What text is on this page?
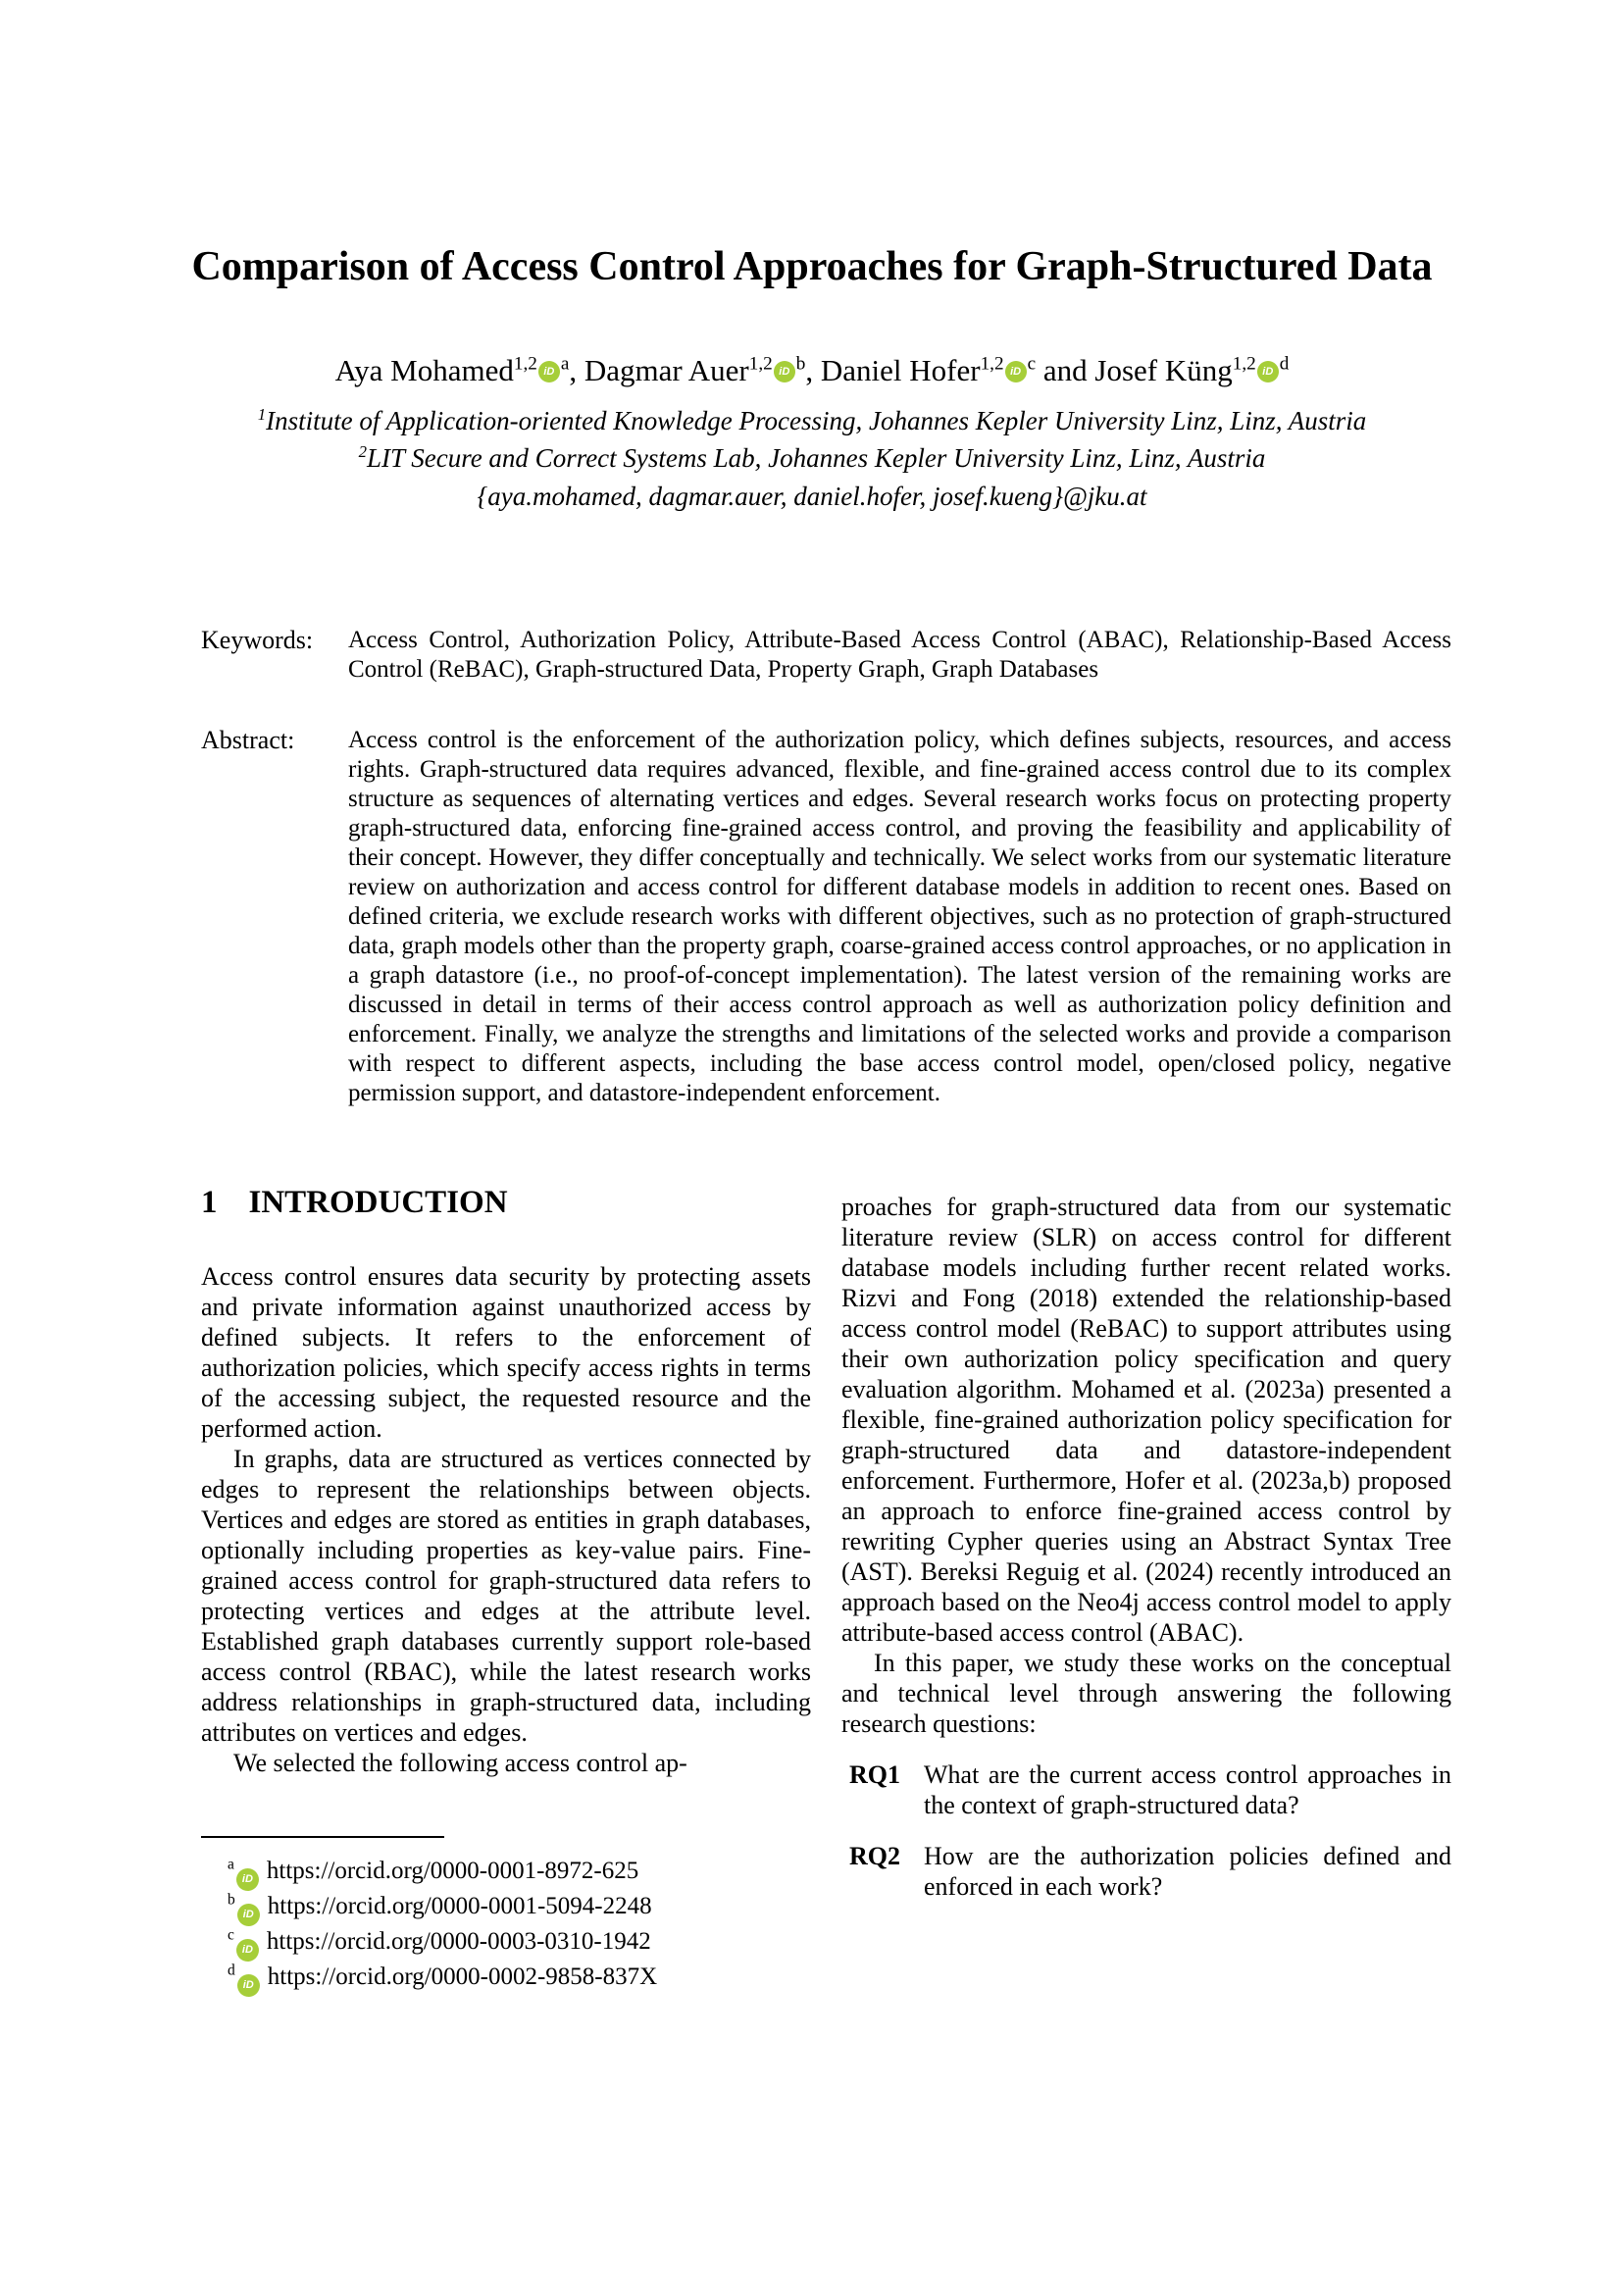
Comparison of Access Control Approaches for Graph-Structured Data
Aya Mohamed$^{1,2}$ iD $^a$, Dagmar Auer$^{1,2}$ iD $^b$, Daniel Hofer$^{1,2}$ iD $^c$ and Josef Küng$^{1,2}$ iD $^d$
$^1$Institute of Application-oriented Knowledge Processing, Johannes Kepler University Linz, Linz, Austria
$^2$LIT Secure and Correct Systems Lab, Johannes Kepler University Linz, Linz, Austria
{aya.mohamed, dagmar.auer, daniel.hofer, josef.kueng}@jku.at
Keywords:	Access Control, Authorization Policy, Attribute-Based Access Control (ABAC), Relationship-Based Access Control (ReBAC), Graph-structured Data, Property Graph, Graph Databases
Abstract:	Access control is the enforcement of the authorization policy, which defines subjects, resources, and access rights. Graph-structured data requires advanced, flexible, and fine-grained access control due to its complex structure as sequences of alternating vertices and edges. Several research works focus on protecting property graph-structured data, enforcing fine-grained access control, and proving the feasibility and applicability of their concept. However, they differ conceptually and technically. We select works from our systematic literature review on authorization and access control for different database models in addition to recent ones. Based on defined criteria, we exclude research works with different objectives, such as no protection of graph-structured data, graph models other than the property graph, coarse-grained access control approaches, or no application in a graph datastore (i.e., no proof-of-concept implementation). The latest version of the remaining works are discussed in detail in terms of their access control approach as well as authorization policy definition and enforcement. Finally, we analyze the strengths and limitations of the selected works and provide a comparison with respect to different aspects, including the base access control model, open/closed policy, negative permission support, and datastore-independent enforcement.
1 INTRODUCTION

Access control ensures data security by protecting assets and private information against unauthorized access by defined subjects. It refers to the enforcement of authorization policies, which specify access rights in terms of the accessing subject, the requested resource and the performed action.

In graphs, data are structured as vertices connected by edges to represent the relationships between objects. Vertices and edges are stored as entities in graph databases, optionally including properties as key-value pairs. Fine-grained access control for graph-structured data refers to protecting vertices and edges at the attribute level. Established graph databases currently support role-based access control (RBAC), while the latest research works address relationships in graph-structured data, including attributes on vertices and edges.

We selected the following access control ap-

proaches for graph-structured data from our systematic literature review (SLR) on access control for different database models including further recent related works. Rizvi and Fong (2018) extended the relationship-based access control model (ReBAC) to support attributes using their own authorization policy specification and query evaluation algorithm. Mohamed et al. (2023a) presented a flexible, fine-grained authorization policy specification for graph-structured data and datastore-independent enforcement. Furthermore, Hofer et al. (2023a,b) proposed an approach to enforce fine-grained access control by rewriting Cypher queries using an Abstract Syntax Tree (AST). Bereksi Reguig et al. (2024) recently introduced an approach based on the Neo4j access control model to apply attribute-based access control (ABAC).

In this paper, we study these works on the conceptual and technical level through answering the following research questions:

RQ1 What are the current access control approaches in the context of graph-structured data?
RQ2 How are the authorization policies defined and enforced in each work?
$^a$iD https://orcid.org/0000-0001-8972-625
$^b$iD https://orcid.org/0000-0001-5094-2248
$^c$iD https://orcid.org/0000-0003-0310-1942
$^d$iD https://orcid.org/0000-0002-9858-837X
